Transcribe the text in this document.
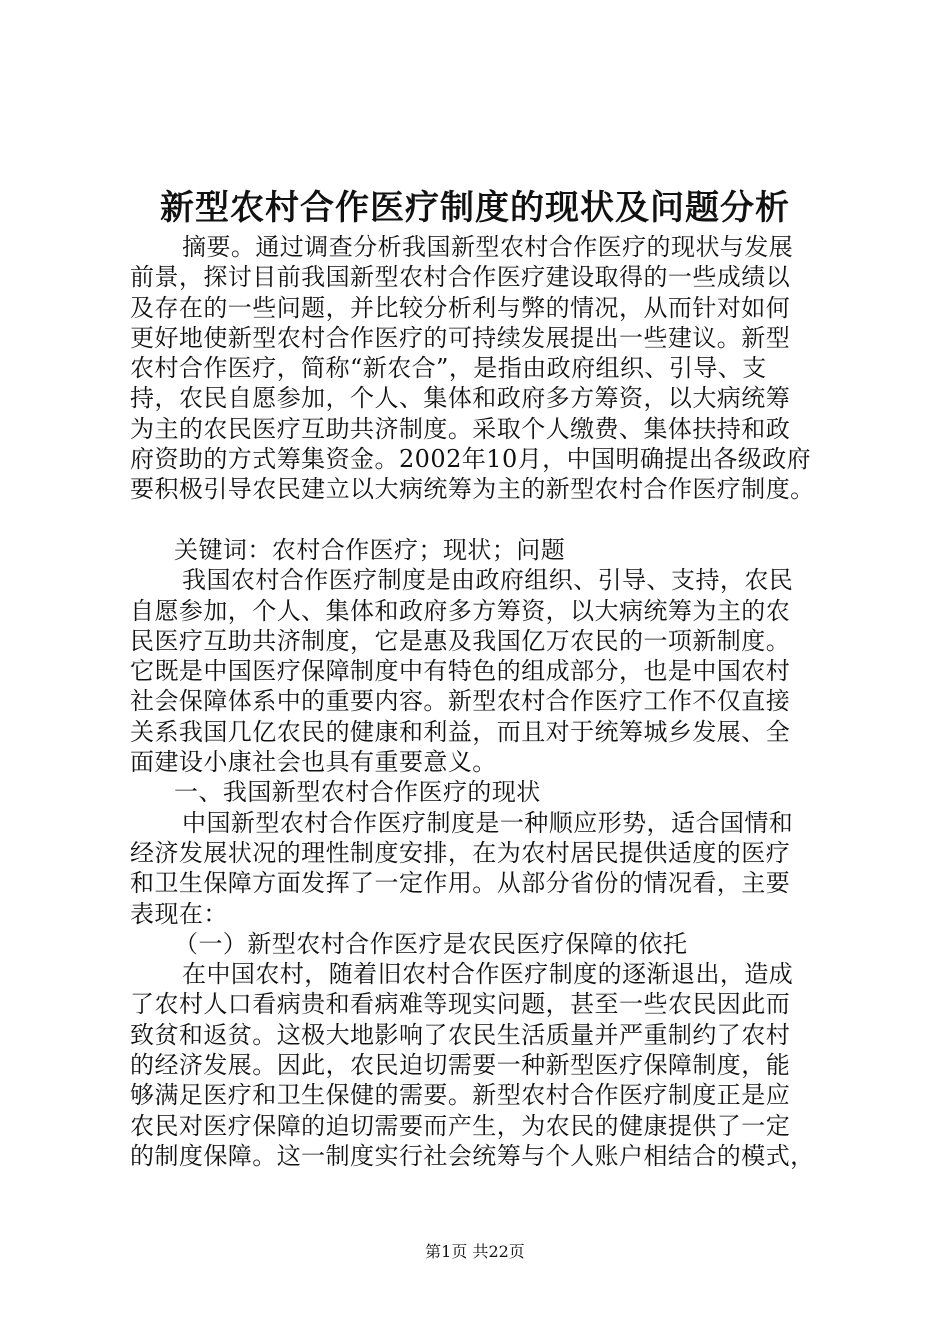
新型农村合作医疗制度的现状及问题分析
摘要。通过调查分析我国新型农村合作医疗的现状与发展
前景，探讨目前我国新型农村合作医疗建设取得的一些成绩以
及存在的一些问题，并比较分析利与弊的情况，从而针对如何
更好地使新型农村合作医疗的可持续发展提出一些建议。新型
农村合作医疗，简称“新农合”，是指由政府组织、引导、支
持，农民自愿参加，个人、集体和政府多方筹资，以大病统筹
为主的农民医疗互助共济制度。采取个人缴费、集体扶持和政
府资助的方式筹集资金。2002年10月，中国明确提出各级政府
要积极引导农民建立以大病统筹为主的新型农村合作医疗制度。
关键词：农村合作医疗；现状；问题
我国农村合作医疗制度是由政府组织、引导、支持，农民
自愿参加，个人、集体和政府多方筹资，以大病统筹为主的农
民医疗互助共济制度，它是惠及我国亿万农民的一项新制度。
它既是中国医疗保障制度中有特色的组成部分，也是中国农村
社会保障体系中的重要内容。新型农村合作医疗工作不仅直接
关系我国几亿农民的健康和利益，而且对于统筹城乡发展、全
面建设小康社会也具有重要意义。
一、我国新型农村合作医疗的现状
中国新型农村合作医疗制度是一种顺应形势，适合国情和
经济发展状况的理性制度安排，在为农村居民提供适度的医疗
和卫生保障方面发挥了一定作用。从部分省份的情况看，主要
表现在：
（一）新型农村合作医疗是农民医疗保障的依托
在中国农村，随着旧农村合作医疗制度的逐渐退出，造成
了农村人口看病贵和看病难等现实问题，甚至一些农民因此而
致贫和返贫。这极大地影响了农民生活质量并严重制约了农村
的经济发展。因此，农民迫切需要一种新型医疗保障制度，能
够满足医疗和卫生保健的需要。新型农村合作医疗制度正是应
农民对医疗保障的迫切需要而产生，为农民的健康提供了一定
的制度保障。这一制度实行社会统筹与个人账户相结合的模式，
第1页 共22页
